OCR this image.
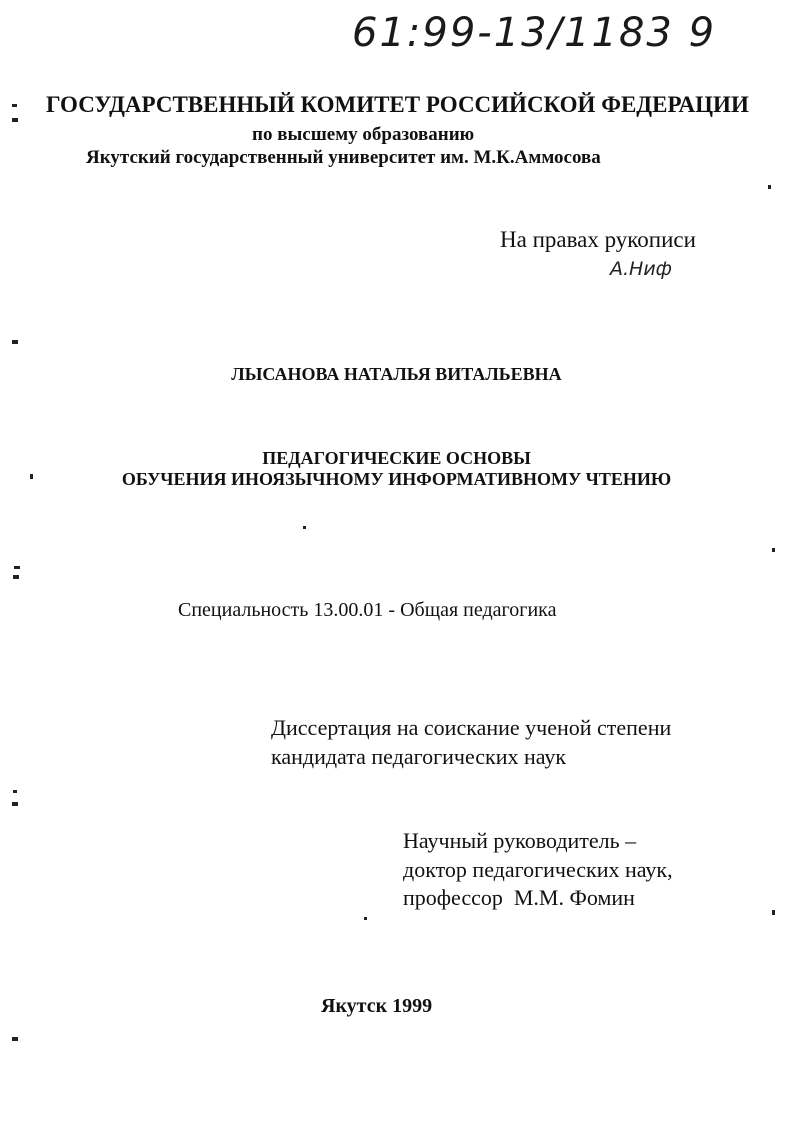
61:99-13/1183 9
ГОСУДАРСТВЕННЫЙ КОМИТЕТ РОССИЙСКОЙ ФЕДЕРАЦИИ
по высшему образованию
Якутский государственный университет им. М.К.Аммосова
На правах рукописи
А.Ниф
ЛЫСАНОВА НАТАЛЬЯ ВИТАЛЬЕВНА
ПЕДАГОГИЧЕСКИЕ ОСНОВЫ
ОБУЧЕНИЯ ИНОЯЗЫЧНОМУ ИНФОРМАТИВНОМУ ЧТЕНИЮ
Специальность 13.00.01 - Общая педагогика
Диссертация на соискание ученой степени
кандидата педагогических наук
Научный руководитель –
доктор педагогических наук,
профессор  М.М. Фомин
Якутск 1999
